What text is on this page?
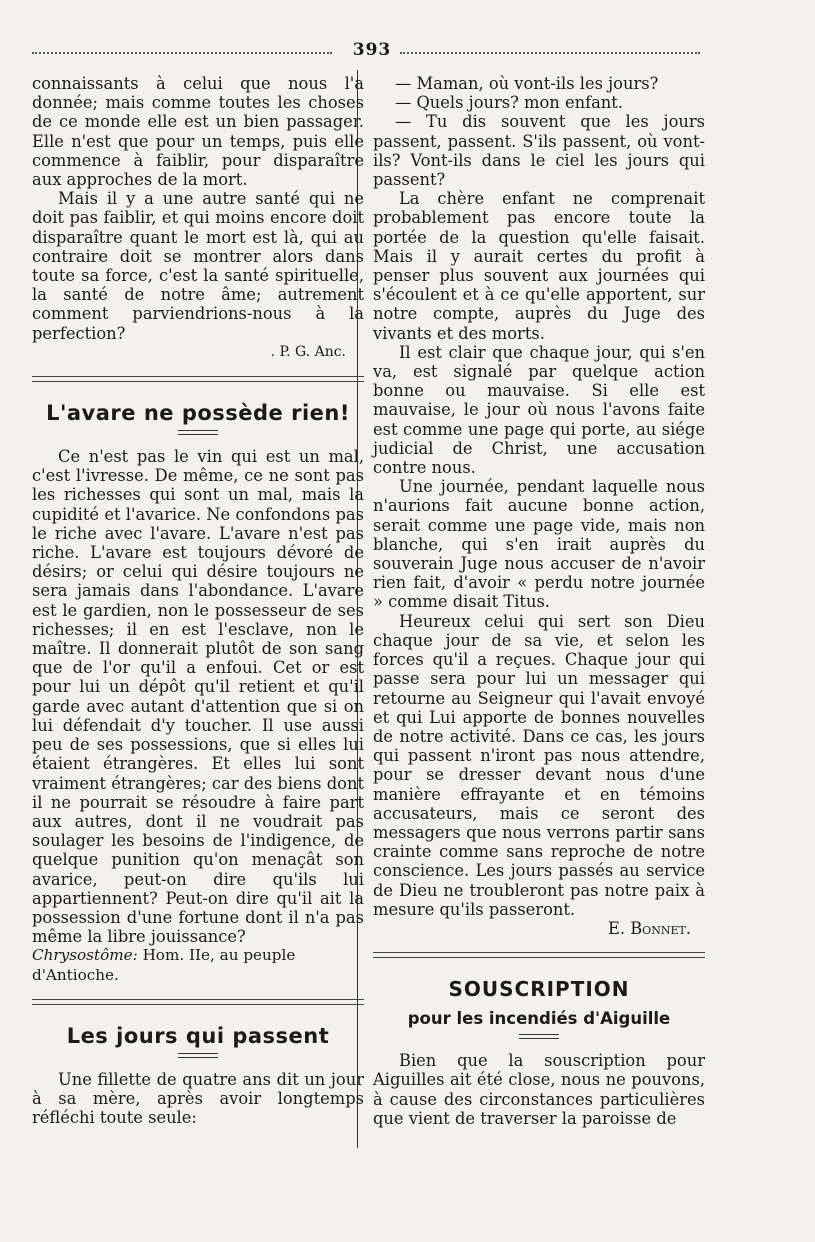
393

connaissants à celui que nous l'a donnée; mais comme toutes les choses de ce monde elle est un bien passager. Elle n'est que pour un temps, puis elle commence à faiblir, pour disparaître aux approches de la mort.

Mais il y a une autre santé qui ne doit pas faiblir, et qui moins encore doit disparaître quant le mort est là, qui au contraire doit se montrer alors dans toute sa force, c'est la santé spirituelle, la santé de notre âme; autrement comment parviendrions-nous à la perfection?

. P. G. Anc.
L'avare ne possède rien!

Ce n'est pas le vin qui est un mal, c'est l'ivresse. De même, ce ne sont pas les richesses qui sont un mal, mais la cupidité et l'avarice. Ne confondons pas le riche avec l'avare. L'avare n'est pas riche. L'avare est toujours dévoré de désirs; or celui qui désire toujours ne sera jamais dans l'abondance. L'avare est le gardien, non le possesseur de ses richesses; il en est l'esclave, non le maître. Il donnerait plutôt de son sang que de l'or qu'il a enfoui. Cet or est pour lui un dépôt qu'il retient et qu'il garde avec autant d'attention que si on lui défendait d'y toucher. Il use aussi peu de ses possessions, que si elles lui étaient étrangères. Et elles lui sont vraiment étrangères; car des biens dont il ne pourrait se résoudre à faire part aux autres, dont il ne voudrait pas soulager les besoins de l'indigence, de quelque punition qu'on menaçât son avarice, peut-on dire qu'ils lui appartiennent? Peut-on dire qu'il ait la possession d'une fortune dont il n'a pas même la libre jouissance?

Chrysostôme: Hom. IIe, au peuple d'Antioche.

Les jours qui passent

Une fillette de quatre ans dit un jour à sa mère, après avoir longtemps réfléchi toute seule:

— Maman, où vont-ils les jours?

— Quels jours? mon enfant.

— Tu dis souvent que les jours passent, passent. S'ils passent, où vont-ils? Vont-ils dans le ciel les jours qui passent?

La chère enfant ne comprenait probablement pas encore toute la portée de la question qu'elle faisait. Mais il y aurait certes du profit à penser plus souvent aux journées qui s'écoulent et à ce qu'elle apportent, sur notre compte, auprès du Juge des vivants et des morts.

Il est clair que chaque jour, qui s'en va, est signalé par quelque action bonne ou mauvaise. Si elle est mauvaise, le jour où nous l'avons faite est comme une page qui porte, au siége judicial de Christ, une accusation contre nous.

Une journée, pendant laquelle nous n'aurions fait aucune bonne action, serait comme une page vide, mais non blanche, qui s'en irait auprès du souverain Juge nous accuser de n'avoir rien fait, d'avoir « perdu notre journée » comme disait Titus.

Heureux celui qui sert son Dieu chaque jour de sa vie, et selon les forces qu'il a reçues. Chaque jour qui passe sera pour lui un messager qui retourne au Seigneur qui l'avait envoyé et qui Lui apporte de bonnes nouvelles de notre activité. Dans ce cas, les jours qui passent n'iront pas nous attendre, pour se dresser devant nous d'une manière effrayante et en témoins accusateurs, mais ce seront des messagers que nous verrons partir sans crainte comme sans reproche de notre conscience. Les jours passés au service de Dieu ne troubleront pas notre paix à mesure qu'ils passeront.

E. Bonnet.
SOUSCRIPTION
pour les incendiés d'Aiguille

Bien que la souscription pour Aiguilles ait été close, nous ne pouvons, à cause des circonstances particulières que vient de traverser la paroisse de
